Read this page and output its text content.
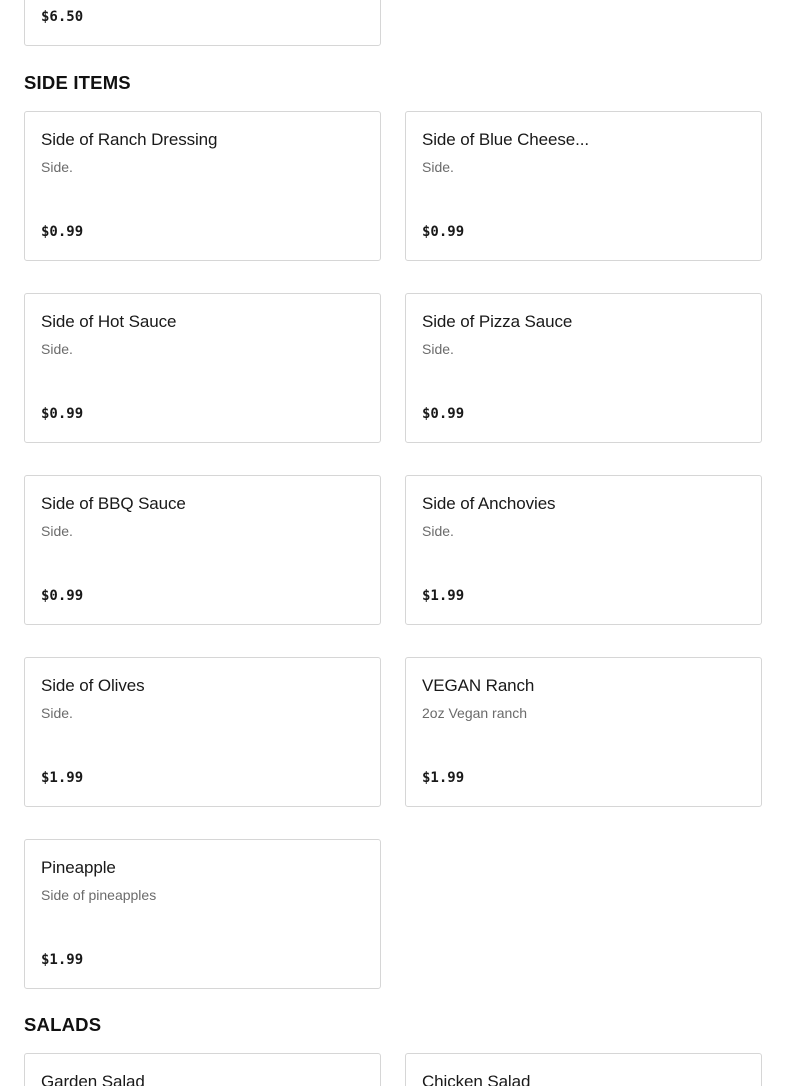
$6.50
SIDE ITEMS
Side of Ranch Dressing
Side.
$0.99
Side of Blue Cheese...
Side.
$0.99
Side of Hot Sauce
Side.
$0.99
Side of Pizza Sauce
Side.
$0.99
Side of BBQ Sauce
Side.
$0.99
Side of Anchovies
Side.
$1.99
Side of Olives
Side.
$1.99
VEGAN Ranch
2oz Vegan ranch
$1.99
Pineapple
Side of pineapples
$1.99
SALADS
Garden Salad	Chicken Salad
